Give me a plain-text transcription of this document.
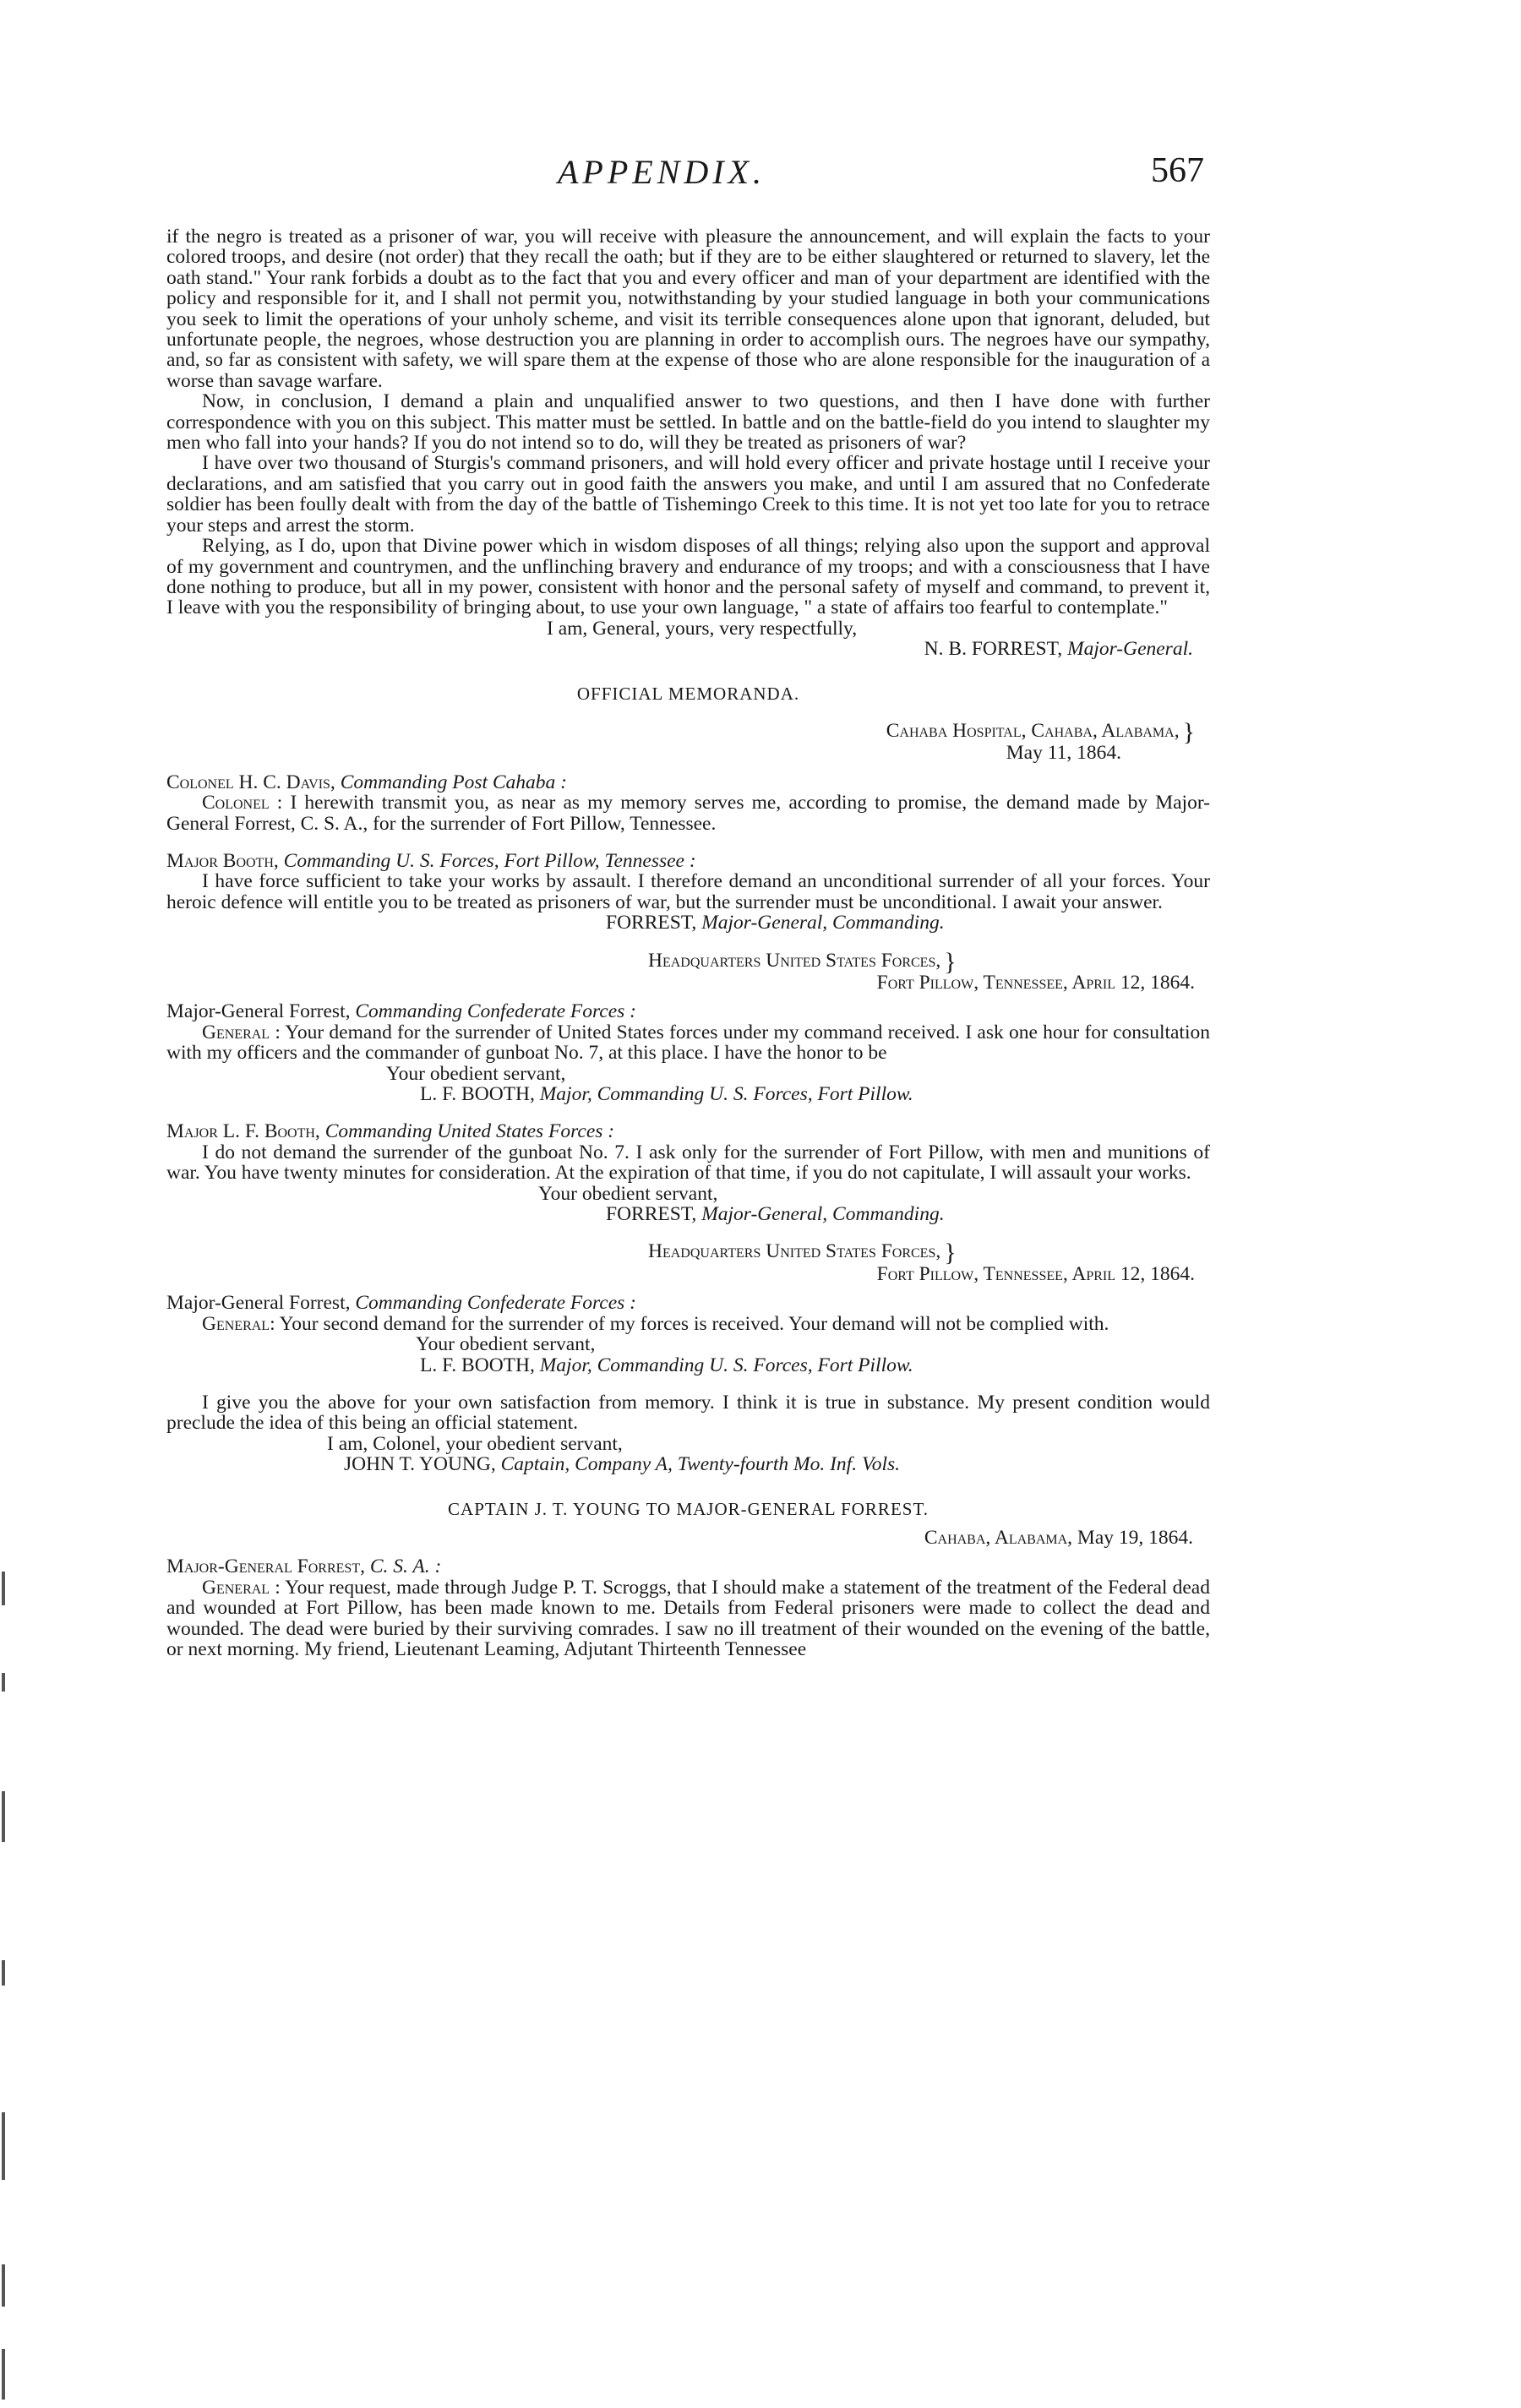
APPENDIX.	567

if the negro is treated as a prisoner of war, you will receive with pleasure the announcement, and will explain the facts to your colored troops, and desire (not order) that they recall the oath; but if they are to be either slaughtered or returned to slavery, let the oath stand." Your rank forbids a doubt as to the fact that you and every officer and man of your department are identified with the policy and responsible for it, and I shall not permit you, notwithstanding by your studied language in both your communications you seek to limit the operations of your unholy scheme, and visit its terrible consequences alone upon that ignorant, deluded, but unfortunate people, the negroes, whose destruction you are planning in order to accomplish ours. The negroes have our sympathy, and, so far as consistent with safety, we will spare them at the expense of those who are alone responsible for the inauguration of a worse than savage warfare.

Now, in conclusion, I demand a plain and unqualified answer to two questions, and then I have done with further correspondence with you on this subject. This matter must be settled. In battle and on the battle-field do you intend to slaughter my men who fall into your hands? If you do not intend so to do, will they be treated as prisoners of war?

I have over two thousand of Sturgis's command prisoners, and will hold every officer and private hostage until I receive your declarations, and am satisfied that you carry out in good faith the answers you make, and until I am assured that no Confederate soldier has been foully dealt with from the day of the battle of Tishemingo Creek to this time. It is not yet too late for you to retrace your steps and arrest the storm.

Relying, as I do, upon that Divine power which in wisdom disposes of all things; relying also upon the support and approval of my government and countrymen, and the unflinching bravery and endurance of my troops; and with a consciousness that I have done nothing to produce, but all in my power, consistent with honor and the personal safety of myself and command, to prevent it, I leave with you the responsibility of bringing about, to use your own language, " a state of affairs too fearful to contemplate."

I am, General, yours, very respectfully,

N. B. FORREST, Major-General.

OFFICIAL MEMORANDA.

Cahaba Hospital, Cahaba, Alabama, }

May 11, 1864.

Colonel H. C. Davis, Commanding Post Cahaba :

Colonel : I herewith transmit you, as near as my memory serves me, according to promise, the demand made by Major-General Forrest, C. S. A., for the surrender of Fort Pillow, Tennessee.

Major Booth, Commanding U. S. Forces, Fort Pillow, Tennessee :

I have force sufficient to take your works by assault. I therefore demand an unconditional surrender of all your forces. Your heroic defence will entitle you to be treated as prisoners of war, but the surrender must be unconditional. I await your answer.

FORREST, Major-General, Commanding.

Headquarters United States Forces, }

Fort Pillow, Tennessee, April 12, 1864.

Major-General Forrest, Commanding Confederate Forces :

General : Your demand for the surrender of United States forces under my command received. I ask one hour for consultation with my officers and the commander of gunboat No. 7, at this place. I have the honor to be

Your obedient servant,

L. F. BOOTH, Major, Commanding U. S. Forces, Fort Pillow.

Major L. F. Booth, Commanding United States Forces :

I do not demand the surrender of the gunboat No. 7. I ask only for the surrender of Fort Pillow, with men and munitions of war. You have twenty minutes for consideration. At the expiration of that time, if you do not capitulate, I will assault your works.

Your obedient servant,

FORREST, Major-General, Commanding.

Headquarters United States Forces, }

Fort Pillow, Tennessee, April 12, 1864.

Major-General Forrest, Commanding Confederate Forces :

General: Your second demand for the surrender of my forces is received. Your demand will not be complied with.

Your obedient servant,

L. F. BOOTH, Major, Commanding U. S. Forces, Fort Pillow.

I give you the above for your own satisfaction from memory. I think it is true in substance. My present condition would preclude the idea of this being an official statement.

I am, Colonel, your obedient servant,

JOHN T. YOUNG, Captain, Company A, Twenty-fourth Mo. Inf. Vols.

CAPTAIN J. T. YOUNG TO MAJOR-GENERAL FORREST.

Cahaba, Alabama, May 19, 1864.

Major-General Forrest, C. S. A. :

General : Your request, made through Judge P. T. Scroggs, that I should make a statement of the treatment of the Federal dead and wounded at Fort Pillow, has been made known to me. Details from Federal prisoners were made to collect the dead and wounded. The dead were buried by their surviving comrades. I saw no ill treatment of their wounded on the evening of the battle, or next morning. My friend, Lieutenant Leaming, Adjutant Thirteenth Tennessee
